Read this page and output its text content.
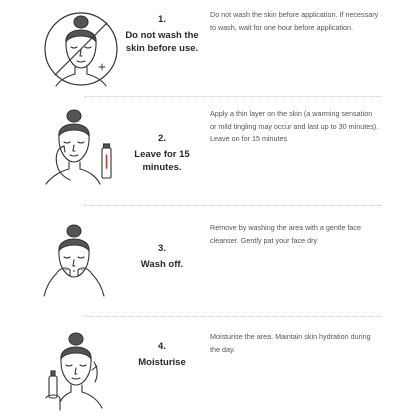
1.
Do not wash the skin before use.
Do not wash the skin before application. If necessary to wash, wait for one hour before application.
2.
Leave for 15 minutes.
Apply a thin layer on the skin (a warming sensation or mild tingling may occur and last up to 30 minutes). Leave on for 15 minutes
3.
Wash off.
Remove by washing the area with a gentle face cleanser. Gently pat your face dry
4.
Moisturise
Moisturise the area. Maintain skin hydration during the day.
